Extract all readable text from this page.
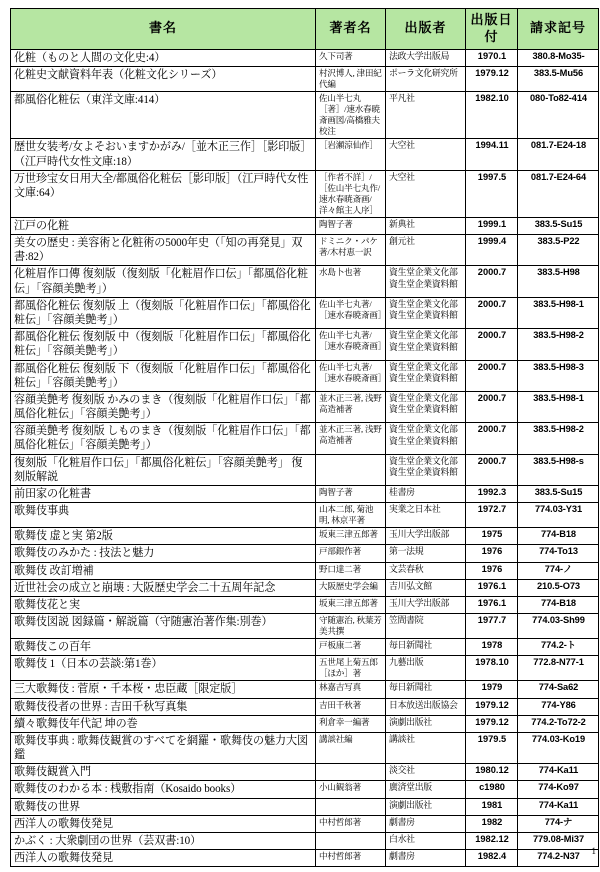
書名	著者名	出版者	出版日付	請求記号
化粧（ものと人間の文化史:4）	久下司著	法政大学出版局	1970.1	380.8-Mo35-
化粧史文献資料年表（化粧文化シリーズ）	村沢博人, 津田紀代編	ポーラ文化研究所	1979.12	383.5-Mu56
都風俗化粧伝（東洋文庫:414）	佐山半七丸［著］/速水春暁斎画図/高橋雅夫校注	平凡社	1982.10	080-To82-414
歴世女装考/女よそおいますかがみ/［並木正三作］［影印版］（江戸時代女性文庫:18）	［岩瀬涼仙作］	大空社	1994.11	081.7-E24-18
万世珍宝女日用大全/都風俗化粧伝［影印版］（江戸時代女性文庫:64）	［作者不詳］/［佐山半七丸作/速水春暁斎画/洋々館主人序］	大空社	1997.5	081.7-E24-64
江戸の化粧	陶智子著	新典社	1999.1	383.5-Su15
美女の歴史 : 美容術と化粧術の5000年史（「知の再発見」双書:82）	ドミニク・パケ著/木村恵一訳	創元社	1999.4	383.5-P22
化粧眉作口傳 復刻版（復刻版「化粧眉作口伝」「都風俗化粧伝」「容顔美艶考」）	水島卜也著	資生堂企業文化部資生堂企業資料館	2000.7	383.5-H98
都風俗化粧伝 復刻版 上（復刻版「化粧眉作口伝」「都風俗化粧伝」「容顔美艶考」）	佐山半七丸著/［速水春暁斎画］	資生堂企業文化部資生堂企業資料館	2000.7	383.5-H98-1
都風俗化粧伝 復刻版 中（復刻版「化粧眉作口伝」「都風俗化粧伝」「容顔美艶考」）	佐山半七丸著/［速水春暁斎画］	資生堂企業文化部資生堂企業資料館	2000.7	383.5-H98-2
都風俗化粧伝 復刻版 下（復刻版「化粧眉作口伝」「都風俗化粧伝」「容顔美艶考」）	佐山半七丸著/［速水春暁斎画］	資生堂企業文化部資生堂企業資料館	2000.7	383.5-H98-3
容顔美艶考 復刻版 かみのまき（復刻版「化粧眉作口伝」「都風俗化粧伝」「容顔美艶考」）	並木正三著, 浅野高造補著	資生堂企業文化部資生堂企業資料館	2000.7	383.5-H98-1
容顔美艶考 復刻版 しものまき（復刻版「化粧眉作口伝」「都風俗化粧伝」「容顔美艶考」）	並木正三著, 浅野高造補著	資生堂企業文化部資生堂企業資料館	2000.7	383.5-H98-2
復刻版「化粧眉作口伝」「都風俗化粧伝」「容顔美艶考」 復刻版解説		資生堂企業文化部資生堂企業資料館	2000.7	383.5-H98-s
前田家の化粧書	陶智子著	桂書房	1992.3	383.5-Su15
歌舞伎事典	山本二郎, 菊池明, 林京平著	実業之日本社	1972.7	774.03-Y31
歌舞伎 虚と実 第2版	坂東三津五郎著	玉川大学出版部	1975	774-B18
歌舞伎のみかた : 技法と魅力	戸部銀作著	第一法規	1976	774-To13
歌舞伎 改訂増補	野口達二著	文芸春秋	1976	774-ノ
近世社会の成立と崩壊 : 大阪歴史学会二十五周年記念	大阪歴史学会編	吉川弘文館	1976.1	210.5-O73
歌舞伎花と実	坂東三津五郎著	玉川大学出版部	1976.1	774-B18
歌舞伎図説 図録篇・解説篇（守随憲治著作集:別巻）	守随憲治, 秋葉芳美共撰	笠間書院	1977.7	774.03-Sh99
歌舞伎この百年	戸板康二著	毎日新聞社	1978	774.2-ト
歌舞伎 1（日本の芸談:第1巻）	五世尾上菊五郎［ほか］著	九藝出版	1978.10	772.8-N77-1
三大歌舞伎 : 菅原・千本桜・忠臣蔵［限定版］	林嘉吉写真	毎日新聞社	1979	774-Sa62
歌舞伎役者の世界 : 吉田千秋写真集	吉田千秋著	日本放送出版協会	1979.12	774-Y86
續々歌舞伎年代記 坤の巻	利倉幸一編著	演劇出版社	1979.12	774.2-To72-2
歌舞伎事典 : 歌舞伎観賞のすべてを網羅・歌舞伎の魅力大図鑑	講談社編	講談社	1979.5	774.03-Ko19
歌舞伎観賞入門		淡交社	1980.12	774-Ka11
歌舞伎のわかる本 : 桟敷指南（Kosaido books）	小山観翁著	廣済堂出版	c1980	774-Ko97
歌舞伎の世界		演劇出版社	1981	774-Ka11
西洋人の歌舞伎発見	中村哲郎著	劇書房	1982	774-ナ
かぶく : 大衆劇団の世界（芸双書:10）		白水社	1982.12	779.08-Mi37
西洋人の歌舞伎発見	中村哲郎著	劇書房	1982.4	774.2-N37
1
